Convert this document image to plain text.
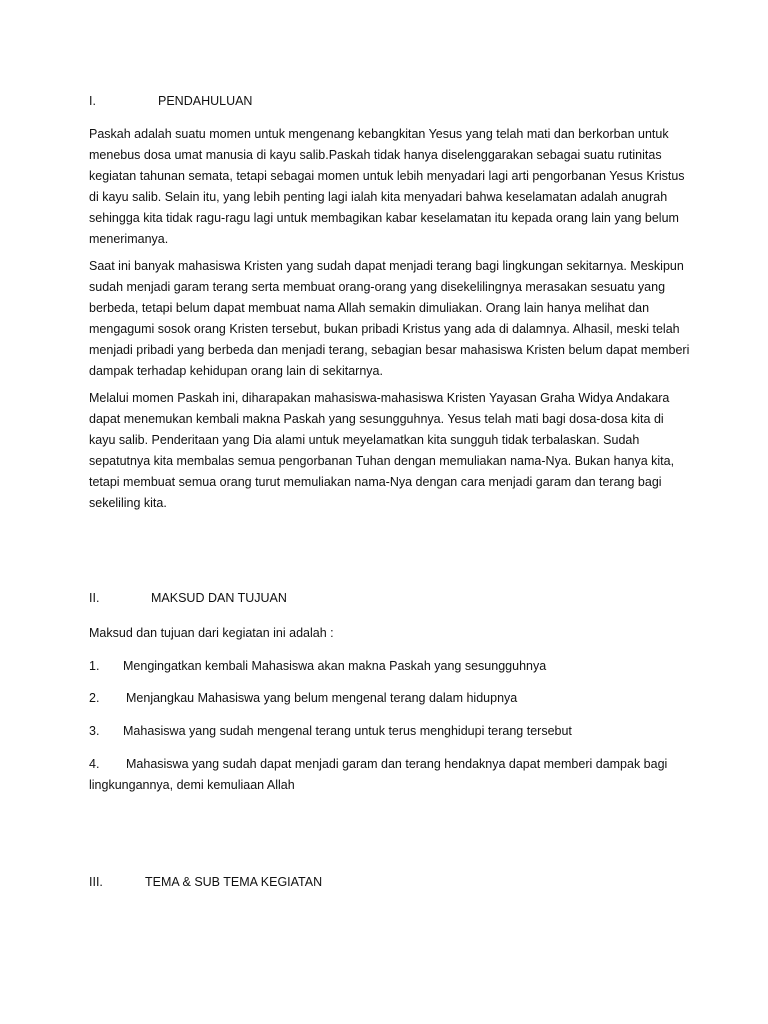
I.	PENDAHULUAN

Paskah adalah suatu momen untuk mengenang kebangkitan Yesus yang telah mati dan berkorban untuk menebus dosa umat manusia di kayu salib.Paskah tidak hanya diselenggarakan sebagai suatu rutinitas kegiatan tahunan semata, tetapi sebagai momen untuk lebih menyadari lagi arti pengorbanan Yesus Kristus di kayu salib. Selain itu, yang lebih penting lagi ialah kita menyadari bahwa keselamatan adalah anugrah sehingga kita tidak ragu-ragu lagi untuk membagikan kabar keselamatan itu kepada orang lain yang belum menerimanya.

Saat ini banyak mahasiswa Kristen yang sudah dapat menjadi terang bagi lingkungan sekitarnya. Meskipun sudah menjadi garam terang serta membuat orang-orang yang disekelilingnya merasakan sesuatu yang berbeda, tetapi belum dapat membuat nama Allah semakin dimuliakan. Orang lain hanya melihat dan mengagumi sosok orang Kristen tersebut, bukan pribadi Kristus yang ada di dalamnya. Alhasil, meski telah menjadi pribadi yang berbeda dan menjadi terang, sebagian besar mahasiswa Kristen belum dapat memberi dampak terhadap kehidupan orang lain di sekitarnya.

Melalui momen Paskah ini, diharapakan mahasiswa-mahasiswa Kristen Yayasan Graha Widya Andakara dapat menemukan kembali makna Paskah yang sesungguhnya. Yesus telah mati bagi dosa-dosa kita di kayu salib. Penderitaan yang Dia alami untuk meyelamatkan kita sungguh tidak terbalaskan. Sudah sepatutnya kita membalas semua pengorbanan Tuhan dengan memuliakan nama-Nya. Bukan hanya kita, tetapi membuat semua orang turut memuliakan nama-Nya dengan cara menjadi garam dan terang bagi sekeliling kita.

II.	MAKSUD DAN TUJUAN

Maksud dan tujuan dari kegiatan ini adalah :

1. Mengingatkan kembali Mahasiswa akan makna Paskah yang sesungguhnya

2. Menjangkau Mahasiswa yang belum mengenal terang dalam hidupnya

3. Mahasiswa yang sudah mengenal terang untuk terus menghidupi terang tersebut

4. Mahasiswa yang sudah dapat menjadi garam dan terang hendaknya dapat memberi dampak bagi lingkungannya, demi kemuliaan Allah

III.	TEMA & SUB TEMA KEGIATAN
